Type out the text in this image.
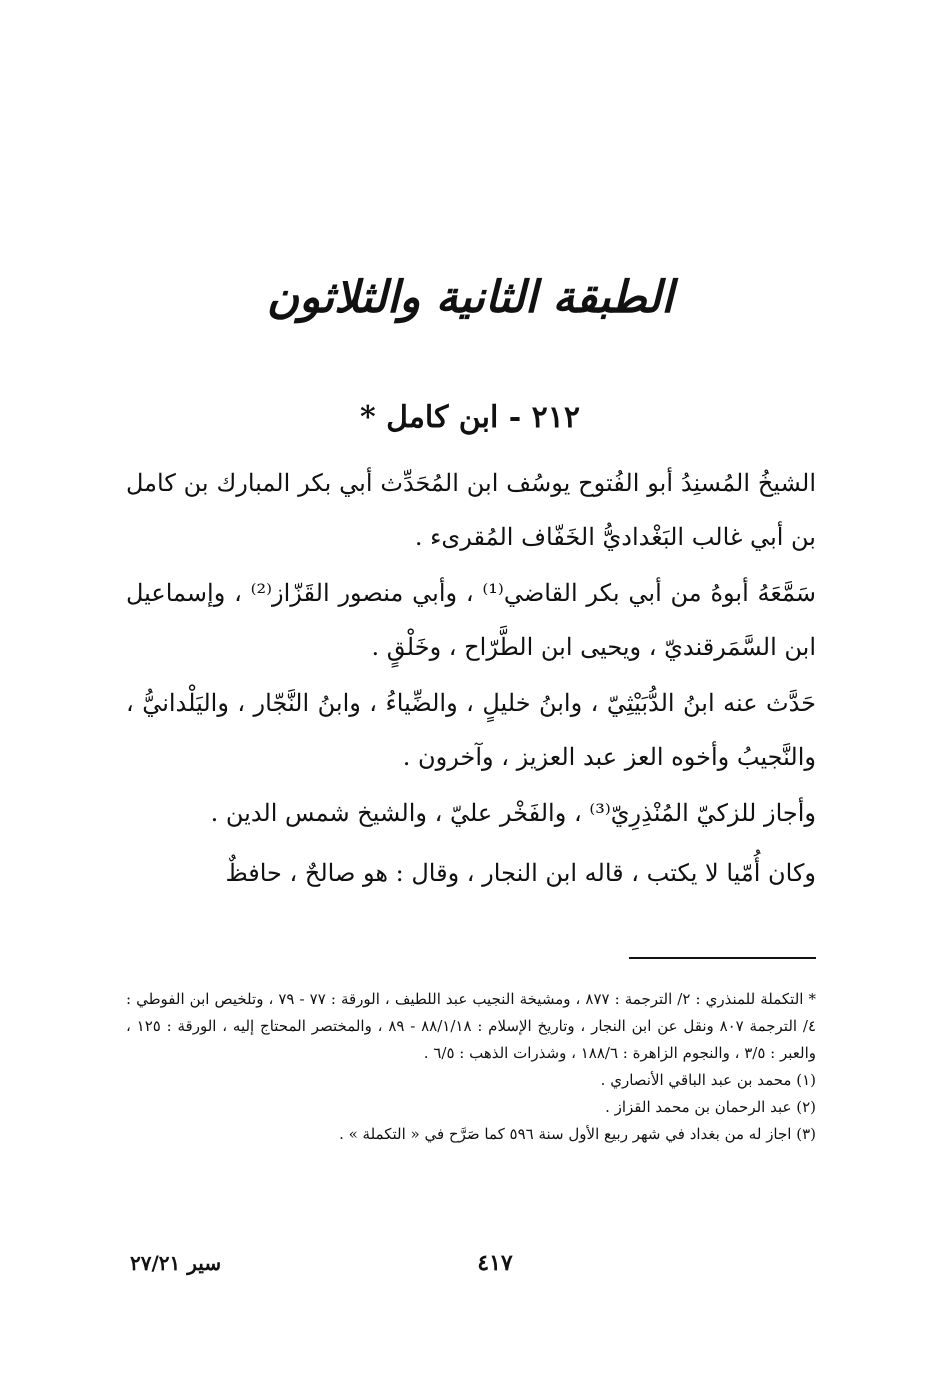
الطبقة الثانية والثلاثون
٢١٢ - ابن كامل *

الشيخُ المُسنِدُ أبو الفُتوح يوسُف ابن المُحَدِّث أبي بكر المبارك بن كامل بن أبي غالب البَغْداديُّ الخَفّاف المُقرىء .

سَمَّعَهُ أبوهُ من أبي بكر القاضي⁽¹⁾ ، وأبي منصور القَزّاز⁽²⁾ ، وإسماعيل ابن السَّمَرقنديّ ، ويحيى ابن الطَّرّاح ، وخَلْقٍ .

حَدَّث عنه ابنُ الدُّبَيْثِيّ ، وابنُ خليلٍ ، والضِّياءُ ، وابنُ النَّجّار ، واليَلْدانيُّ ، والنَّجيبُ وأخوه العز عبد العزيز ، وآخرون .

وأجاز للزكيّ المُنْذِرِيّ⁽³⁾ ، والفَخْر عليّ ، والشيخ شمس الدين .

وكان أُمّيا لا يكتب ، قاله ابن النجار ، وقال : هو صالحٌ ، حافظٌ

* التكملة للمنذري : ٢/ الترجمة : ٨٧٧ ، ومشيخة النجيب عبد اللطيف ، الورقة : ٧٧ - ٧٩ ، وتلخيص ابن الفوطي : ٤/ الترجمة ٨٠٧ ونقل عن ابن النجار ، وتاريخ الإسلام : ٨٨/١/١٨ - ٨٩ ، والمختصر المحتاج إليه ، الورقة : ١٢٥ ، والعبر : ٣/٥ ، والنجوم الزاهرة : ١٨٨/٦ ، وشذرات الذهب : ٦/٥ .
(١) محمد بن عبد الباقي الأنصاري .
(٢) عبد الرحمان بن محمد القزاز .
(٣) اجاز له من بغداد في شهر ربيع الأول سنة ٥٩٦ كما صَرَّح في « التكملة » .
٤١٧
سير ٢٧/٢١
